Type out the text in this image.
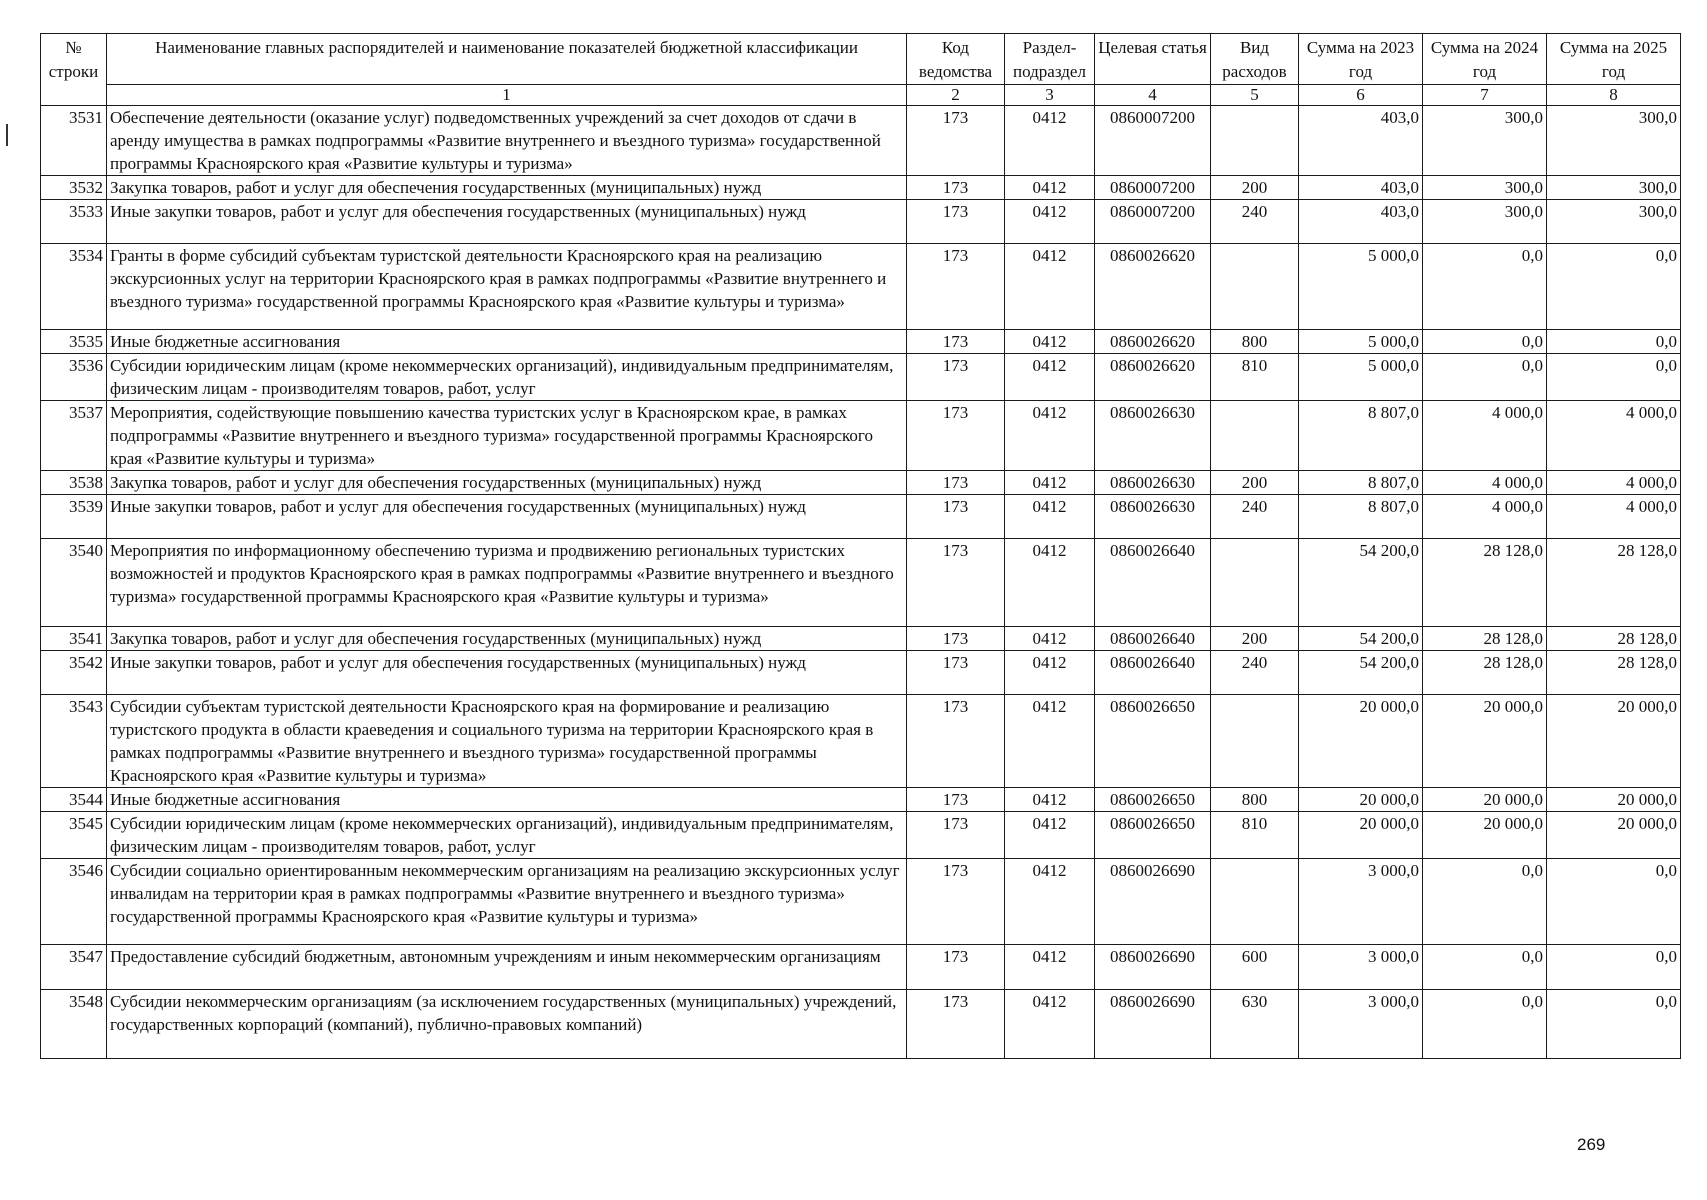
№ строки	Наименование главных распорядителей и наименование показателей бюджетной классификации	Код ведомства	Раздел-подраздел	Целевая статья	Вид расходов	Сумма на 2023 год	Сумма на 2024 год	Сумма на 2025 год
	1	2	3	4	5	6	7	8
3531	Обеспечение деятельности (оказание услуг) подведомственных учреждений за счет доходов от сдачи в аренду имущества в рамках подпрограммы «Развитие внутреннего и въездного туризма» государственной программы Красноярского края «Развитие культуры и туризма»	173	0412	0860007200		403,0	300,0	300,0
3532	Закупка товаров, работ и услуг для обеспечения государственных (муниципальных) нужд	173	0412	0860007200	200	403,0	300,0	300,0
3533	Иные закупки товаров, работ и услуг для обеспечения государственных (муниципальных) нужд	173	0412	0860007200	240	403,0	300,0	300,0
3534	Гранты в форме субсидий субъектам туристской деятельности Красноярского края на реализацию экскурсионных услуг на территории Красноярского края в рамках подпрограммы «Развитие внутреннего и въездного туризма» государственной программы Красноярского края «Развитие культуры и туризма»	173	0412	0860026620		5 000,0	0,0	0,0
3535	Иные бюджетные ассигнования	173	0412	0860026620	800	5 000,0	0,0	0,0
3536	Субсидии юридическим лицам (кроме некоммерческих организаций), индивидуальным предпринимателям, физическим лицам - производителям товаров, работ, услуг	173	0412	0860026620	810	5 000,0	0,0	0,0
3537	Мероприятия, содействующие повышению качества туристских услуг в Красноярском крае, в рамках подпрограммы «Развитие внутреннего и въездного туризма» государственной программы Красноярского края «Развитие культуры и туризма»	173	0412	0860026630		8 807,0	4 000,0	4 000,0
3538	Закупка товаров, работ и услуг для обеспечения государственных (муниципальных) нужд	173	0412	0860026630	200	8 807,0	4 000,0	4 000,0
3539	Иные закупки товаров, работ и услуг для обеспечения государственных (муниципальных) нужд	173	0412	0860026630	240	8 807,0	4 000,0	4 000,0
3540	Мероприятия по информационному обеспечению туризма и продвижению региональных туристских возможностей и продуктов Красноярского края в рамках подпрограммы «Развитие внутреннего и въездного туризма» государственной программы Красноярского края «Развитие культуры и туризма»	173	0412	0860026640		54 200,0	28 128,0	28 128,0
3541	Закупка товаров, работ и услуг для обеспечения государственных (муниципальных) нужд	173	0412	0860026640	200	54 200,0	28 128,0	28 128,0
3542	Иные закупки товаров, работ и услуг для обеспечения государственных (муниципальных) нужд	173	0412	0860026640	240	54 200,0	28 128,0	28 128,0
3543	Субсидии субъектам туристской деятельности Красноярского края на формирование и реализацию туристского продукта в области краеведения и социального туризма на территории Красноярского края в рамках подпрограммы «Развитие внутреннего и въездного туризма» государственной программы Красноярского края «Развитие культуры и туризма»	173	0412	0860026650		20 000,0	20 000,0	20 000,0
3544	Иные бюджетные ассигнования	173	0412	0860026650	800	20 000,0	20 000,0	20 000,0
3545	Субсидии юридическим лицам (кроме некоммерческих организаций), индивидуальным предпринимателям, физическим лицам - производителям товаров, работ, услуг	173	0412	0860026650	810	20 000,0	20 000,0	20 000,0
3546	Субсидии социально ориентированным некоммерческим организациям на реализацию экскурсионных услуг инвалидам на территории края в рамках подпрограммы «Развитие внутреннего и въездного туризма» государственной программы Красноярского края «Развитие культуры и туризма»	173	0412	0860026690		3 000,0	0,0	0,0
3547	Предоставление субсидий бюджетным, автономным учреждениям и иным некоммерческим организациям	173	0412	0860026690	600	3 000,0	0,0	0,0
3548	Субсидии некоммерческим организациям (за исключением государственных (муниципальных) учреждений, государственных корпораций (компаний), публично-правовых компаний)	173	0412	0860026690	630	3 000,0	0,0	0,0
269
